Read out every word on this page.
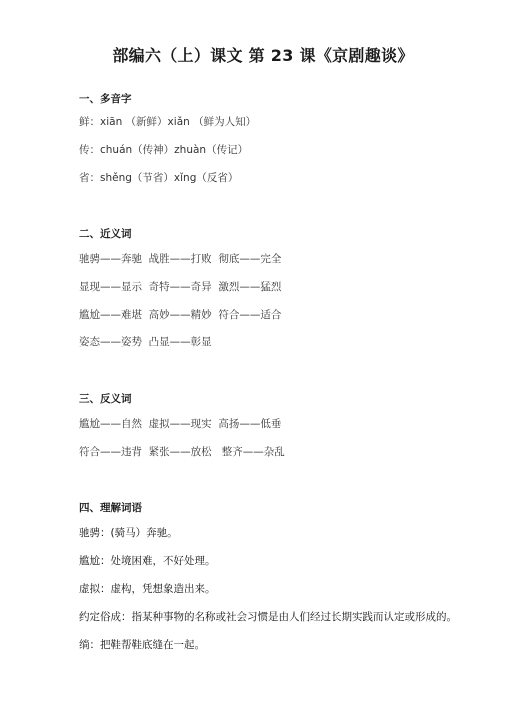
部编六（上）课文 第 23 课《京剧趣谈》
一、多音字
鲜：xiān （新鲜）xiǎn （鲜为人知）
传：chuán（传神）zhuàn（传记）
省：shěng（节省）xǐng（反省）
二、近义词
驰骋——奔驰  战胜——打败  彻底——完全
显现——显示  奇特——奇异  激烈——猛烈
尴尬——难堪  高妙——精妙  符合——适合
姿态——姿势  凸显——彰显
三、反义词
尴尬——自然  虚拟——现实  高扬——低垂
符合——违背  紧张——放松   整齐——杂乱
四、理解词语
驰骋：(骑马）奔驰。
尴尬：处境困难，不好处理。
虚拟：虚构，凭想象造出来。
约定俗成：指某种事物的名称或社会习惯是由人们经过长期实践而认定或形成的。
绱：把鞋帮鞋底缝在一起。
